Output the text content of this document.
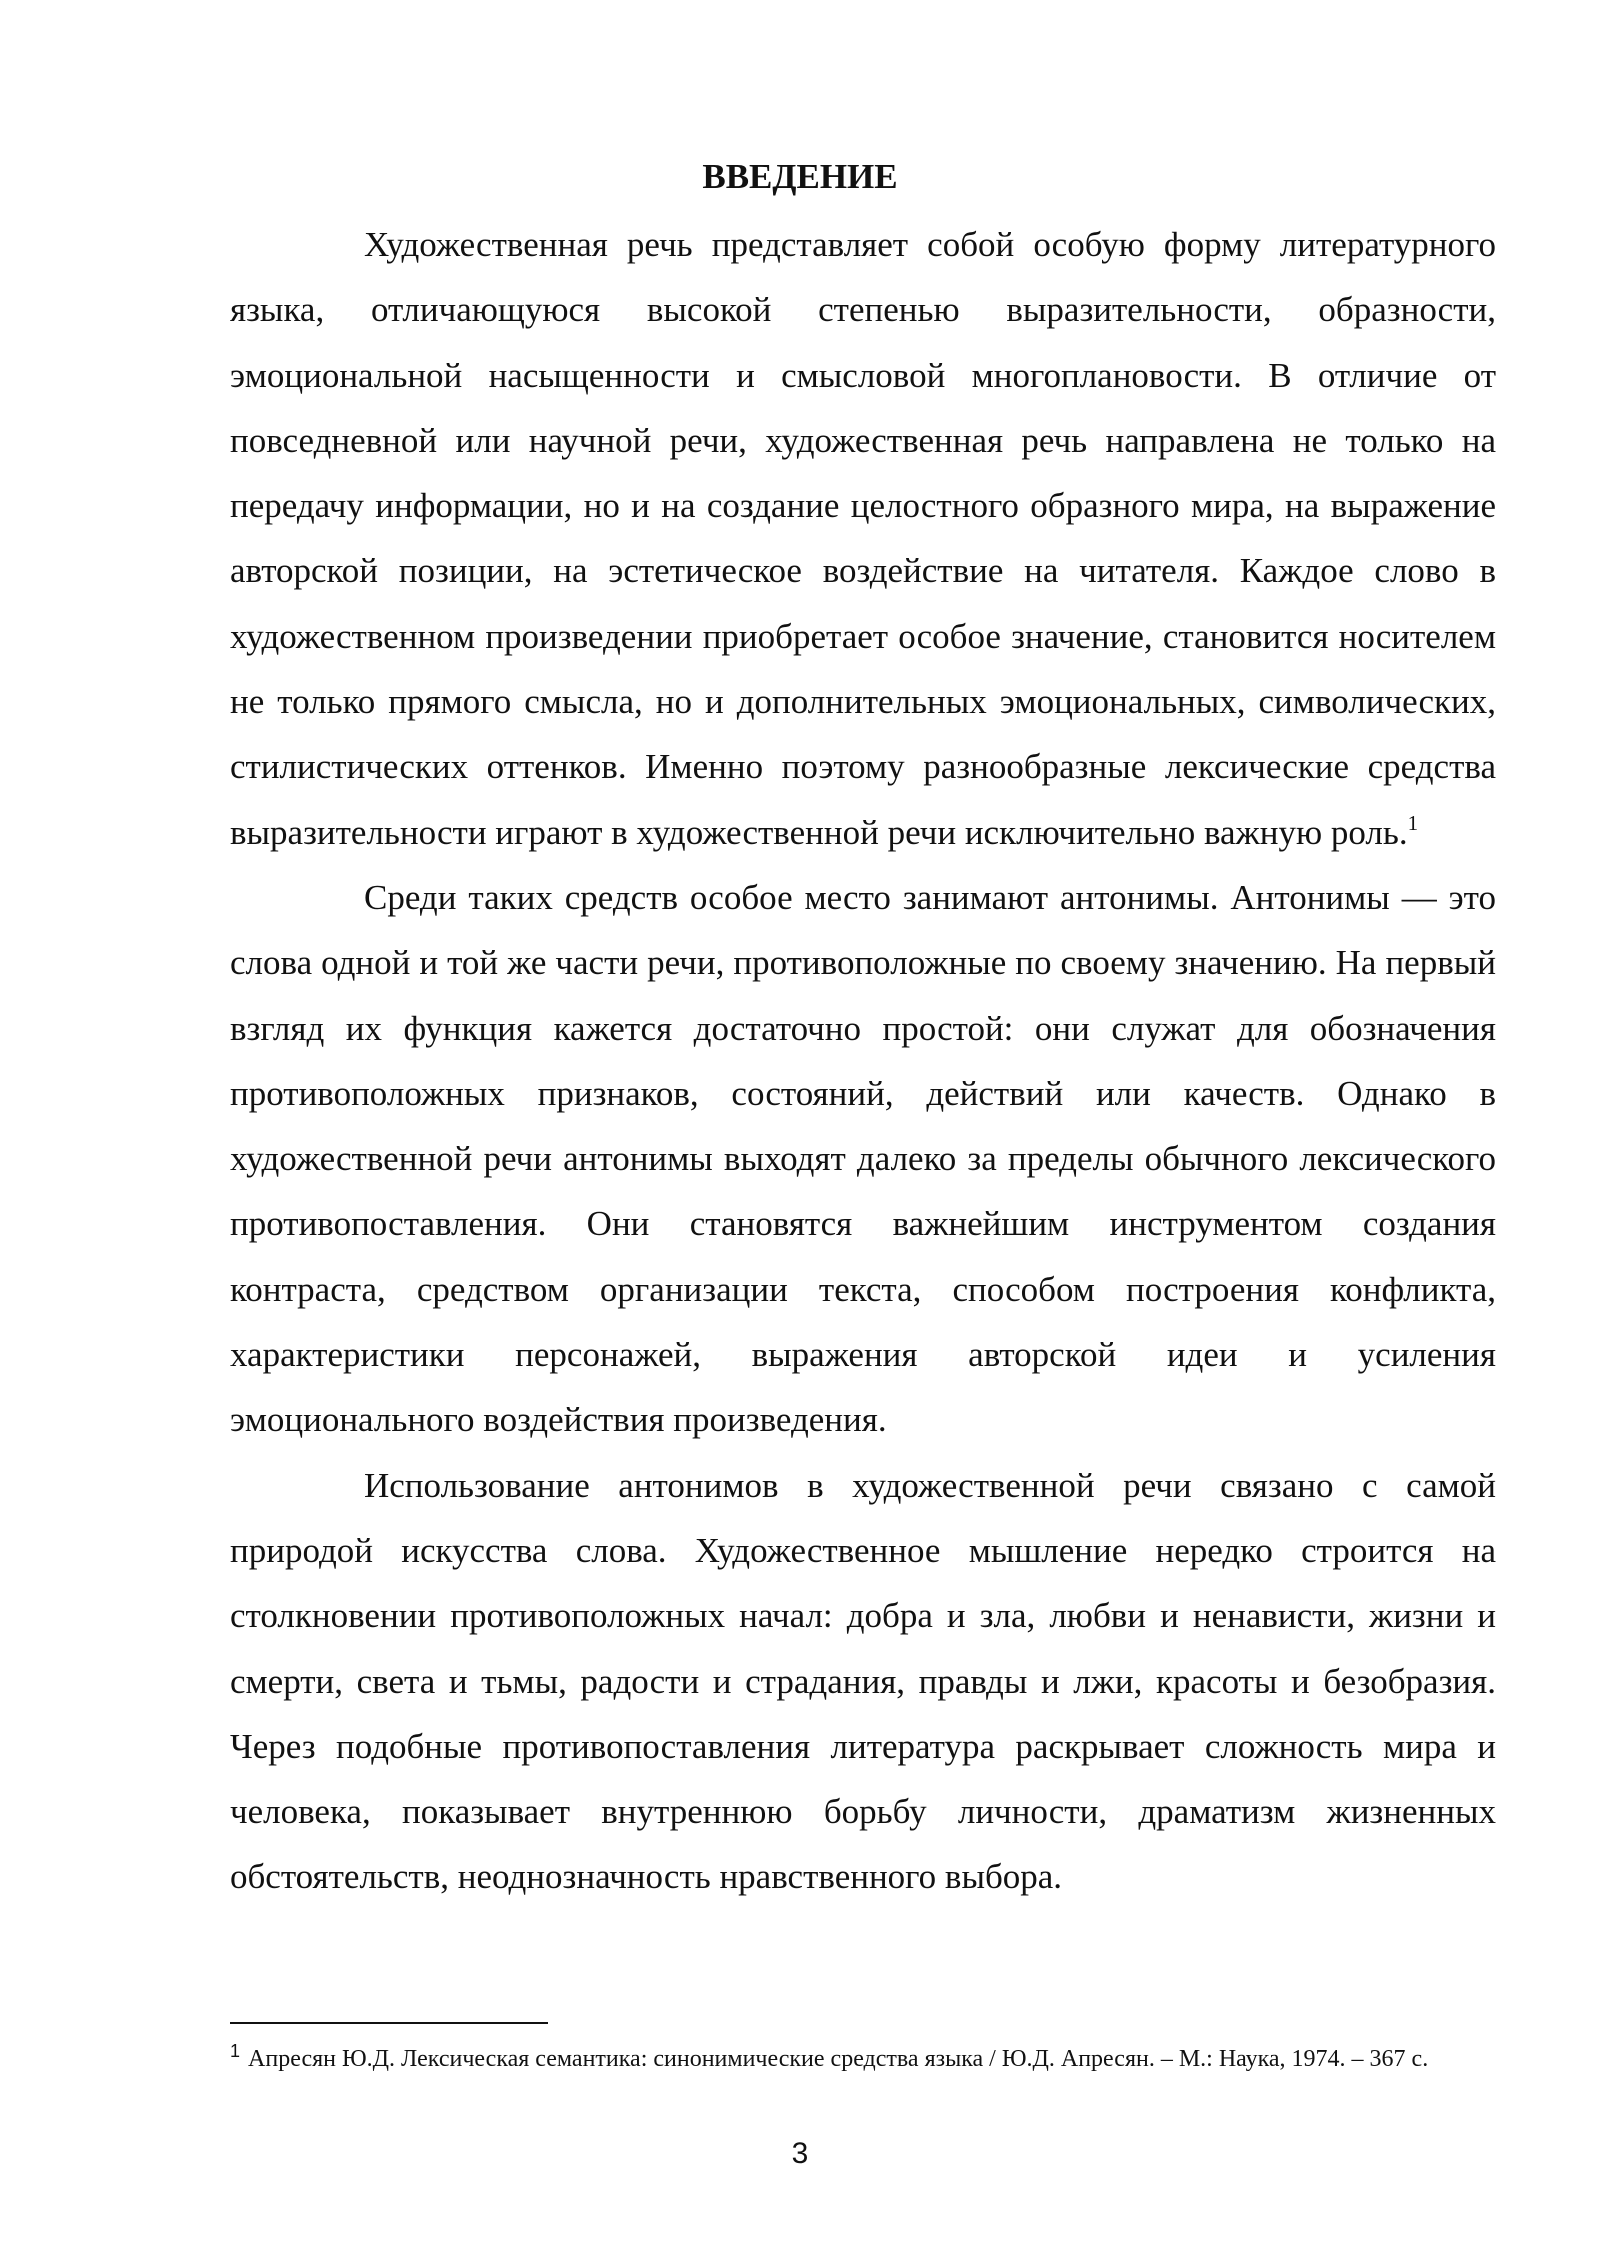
ВВЕДЕНИЕ

Художественная речь представляет собой особую форму литературного языка, отличающуюся высокой степенью выразительности, образности, эмоциональной насыщенности и смысловой многоплановости. В отличие от повседневной или научной речи, художественная речь направлена не только на передачу информации, но и на создание целостного образного мира, на выражение авторской позиции, на эстетическое воздействие на читателя. Каждое слово в художественном произведении приобретает особое значение, становится носителем не только прямого смысла, но и дополнительных эмоциональных, символических, стилистических оттенков. Именно поэтому разнообразные лексические средства выразительности играют в художественной речи исключительно важную роль.$^1$

Среди таких средств особое место занимают антонимы. Антонимы — это слова одной и той же части речи, противоположные по своему значению. На первый взгляд их функция кажется достаточно простой: они служат для обозначения противоположных признаков, состояний, действий или качеств. Однако в художественной речи антонимы выходят далеко за пределы обычного лексического противопоставления. Они становятся важнейшим инструментом создания контраста, средством организации текста, способом построения конфликта, характеристики персонажей, выражения авторской идеи и усиления эмоционального воздействия произведения.

Использование антонимов в художественной речи связано с самой природой искусства слова. Художественное мышление нередко строится на столкновении противоположных начал: добра и зла, любви и ненависти, жизни и смерти, света и тьмы, радости и страдания, правды и лжи, красоты и безобразия. Через подобные противопоставления литература раскрывает сложность мира и человека, показывает внутреннюю борьбу личности, драматизм жизненных обстоятельств, неоднозначность нравственного выбора.

$^1$ Апресян Ю.Д. Лексическая семантика: синонимические средства языка / Ю.Д. Апресян. – М.: Наука, 1974. – 367 с.

3
